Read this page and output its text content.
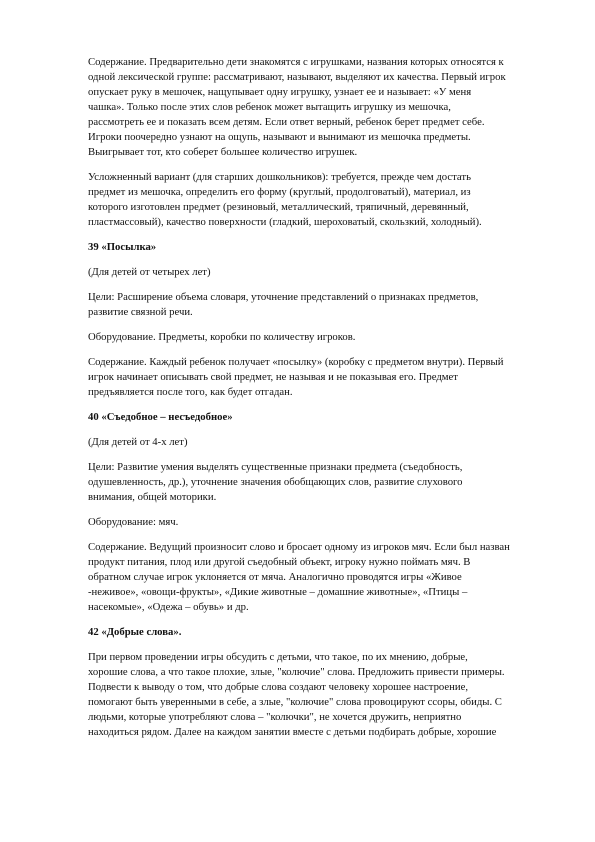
Содержание. Предварительно дети знакомятся с игрушками, названия которых относятся к
одной лексической группе: рассматривают, называют, выделяют их качества. Первый игрок
опускает руку в мешочек, нащупывает одну игрушку, узнает ее и называет: «У меня
чашка». Только после этих слов ребенок может вытащить игрушку из мешочка,
рассмотреть ее и показать всем детям. Если ответ верный, ребенок берет предмет себе.
Игроки поочередно узнают на ощупь, называют и вынимают из мешочка предметы.
Выигрывает тот, кто соберет большее количество игрушек.
Усложненный вариант (для старших дошкольников): требуется, прежде чем достать
предмет из мешочка, определить его форму (круглый, продолговатый), материал, из
которого изготовлен предмет (резиновый, металлический, тряпичный, деревянный,
пластмассовый), качество поверхности (гладкий, шероховатый, скользкий, холодный).
39 «Посылка»
(Для детей от четырех лет)
Цели: Расширение объема словаря, уточнение представлений о признаках предметов,
развитие связной речи.
Оборудование. Предметы, коробки по количеству игроков.
Содержание. Каждый ребенок получает «посылку» (коробку с предметом внутри). Первый
игрок начинает описывать свой предмет, не называя и не показывая его. Предмет
предъявляется после того, как будет отгадан.
40 «Съедобное – несъедобное»
(Для детей от 4-х лет)
Цели: Развитие умения выделять существенные признаки предмета (съедобность,
одушевленность, др.), уточнение значения обобщающих слов, развитие слухового
внимания, общей моторики.
Оборудование: мяч.
Содержание. Ведущий произносит слово и бросает одному из игроков мяч. Если был назван
продукт питания, плод или другой съедобный объект, игроку нужно поймать мяч. В
обратном случае игрок уклоняется от мяча. Аналогично проводятся игры «Живое
-неживое», «овощи-фрукты», «Дикие животные – домашние животные», «Птицы –
насекомые», «Одежа – обувь» и др.
42 «Добрые слова».
При первом проведении игры обсудить с детьми, что такое, по их мнению, добрые,
хорошие слова, а что такое плохие, злые, "колючие" слова. Предложить привести примеры.
Подвести к выводу о том, что добрые слова создают человеку хорошее настроение,
помогают быть уверенными в себе, а злые, "колючие" слова провоцируют ссоры, обиды. С
людьми, которые употребляют слова – "колючки", не хочется дружить, неприятно
находиться рядом. Далее на каждом занятии вместе с детьми подбирать добрые, хорошие
